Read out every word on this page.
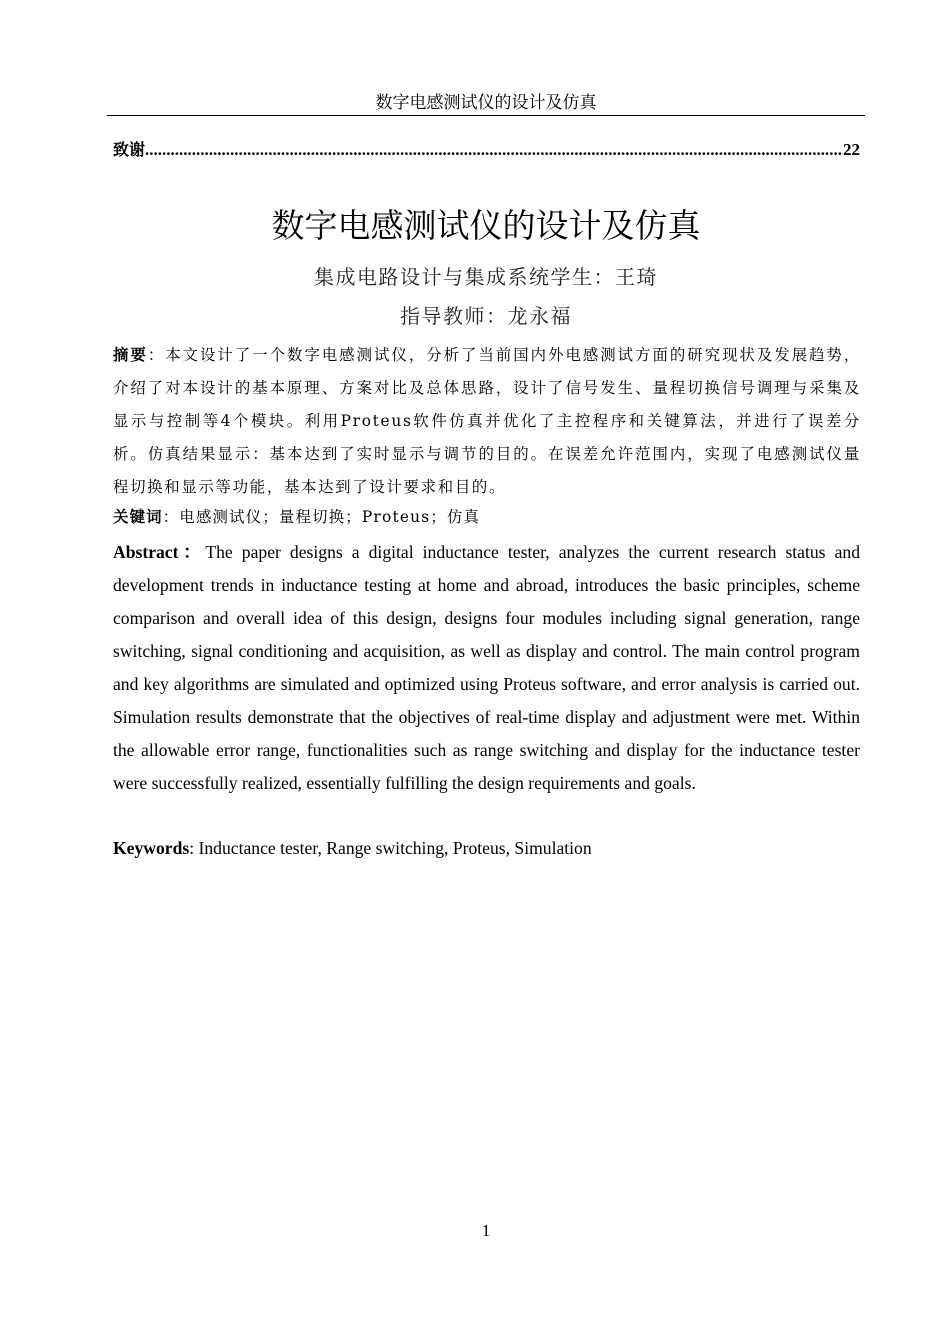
数字电感测试仪的设计及仿真
致谢
.....	22
数字电感测试仪的设计及仿真
集成电路设计与集成系统学生：王琦
指导教师：龙永福
摘要：本文设计了一个数字电感测试仪，分析了当前国内外电感测试方面的研究现状及发展趋势，介绍了对本设计的基本原理、方案对比及总体思路，设计了信号发生、量程切换信号调理与采集及显示与控制等4个模块。利用Proteus软件仿真并优化了主控程序和关键算法，并进行了误差分析。仿真结果显示：基本达到了实时显示与调节的目的。在误差允许范围内，实现了电感测试仪量程切换和显示等功能，基本达到了设计要求和目的。
关键词：电感测试仪；量程切换；Proteus；仿真
Abstract：The paper designs a digital inductance tester, analyzes the current research status and development trends in inductance testing at home and abroad, introduces the basic principles, scheme comparison and overall idea of this design, designs four modules including signal generation, range switching, signal conditioning and acquisition, as well as display and control. The main control program and key algorithms are simulated and optimized using Proteus software, and error analysis is carried out. Simulation results demonstrate that the objectives of real-time display and adjustment were met. Within the allowable error range, functionalities such as range switching and display for the inductance tester were successfully realized, essentially fulfilling the design requirements and goals.
Keywords: Inductance tester, Range switching, Proteus, Simulation
1
